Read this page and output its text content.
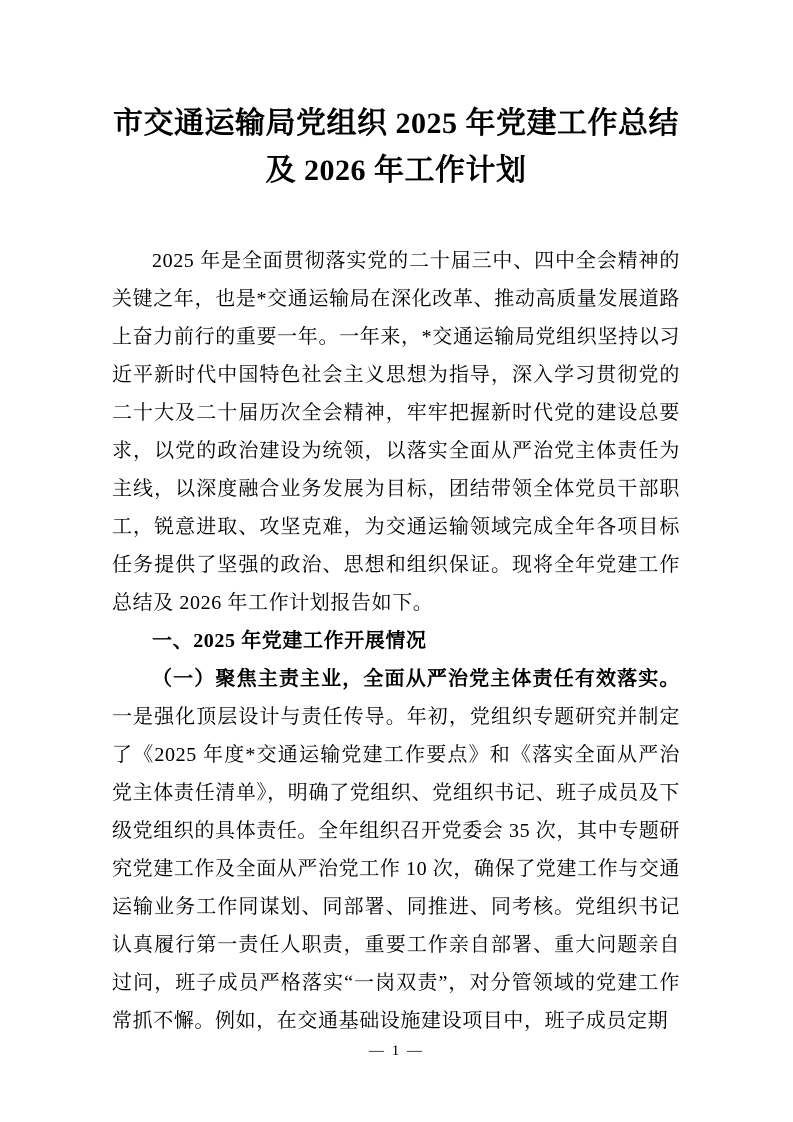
市交通运输局党组织 2025 年党建工作总结及 2026 年工作计划

2025 年是全面贯彻落实党的二十届三中、四中全会精神的关键之年，也是*交通运输局在深化改革、推动高质量发展道路上奋力前行的重要一年。一年来，*交通运输局党组织坚持以习近平新时代中国特色社会主义思想为指导，深入学习贯彻党的二十大及二十届历次全会精神，牢牢把握新时代党的建设总要求，以党的政治建设为统领，以落实全面从严治党主体责任为主线，以深度融合业务发展为目标，团结带领全体党员干部职工，锐意进取、攻坚克难，为交通运输领域完成全年各项目标任务提供了坚强的政治、思想和组织保证。现将全年党建工作总结及 2026 年工作计划报告如下。

一、2025 年党建工作开展情况

（一）聚焦主责主业，全面从严治党主体责任有效落实。一是强化顶层设计与责任传导。年初，党组织专题研究并制定了《2025 年度*交通运输党建工作要点》和《落实全面从严治党主体责任清单》，明确了党组织、党组织书记、班子成员及下级党组织的具体责任。全年组织召开党委会 35 次，其中专题研究党建工作及全面从严治党工作 10 次，确保了党建工作与交通运输业务工作同谋划、同部署、同推进、同考核。党组织书记认真履行第一责任人职责，重要工作亲自部署、重大问题亲自过问，班子成员严格落实“一岗双责”，对分管领域的党建工作常抓不懈。例如，在交通基础设施建设项目中，班子成员定期

— 1 —
